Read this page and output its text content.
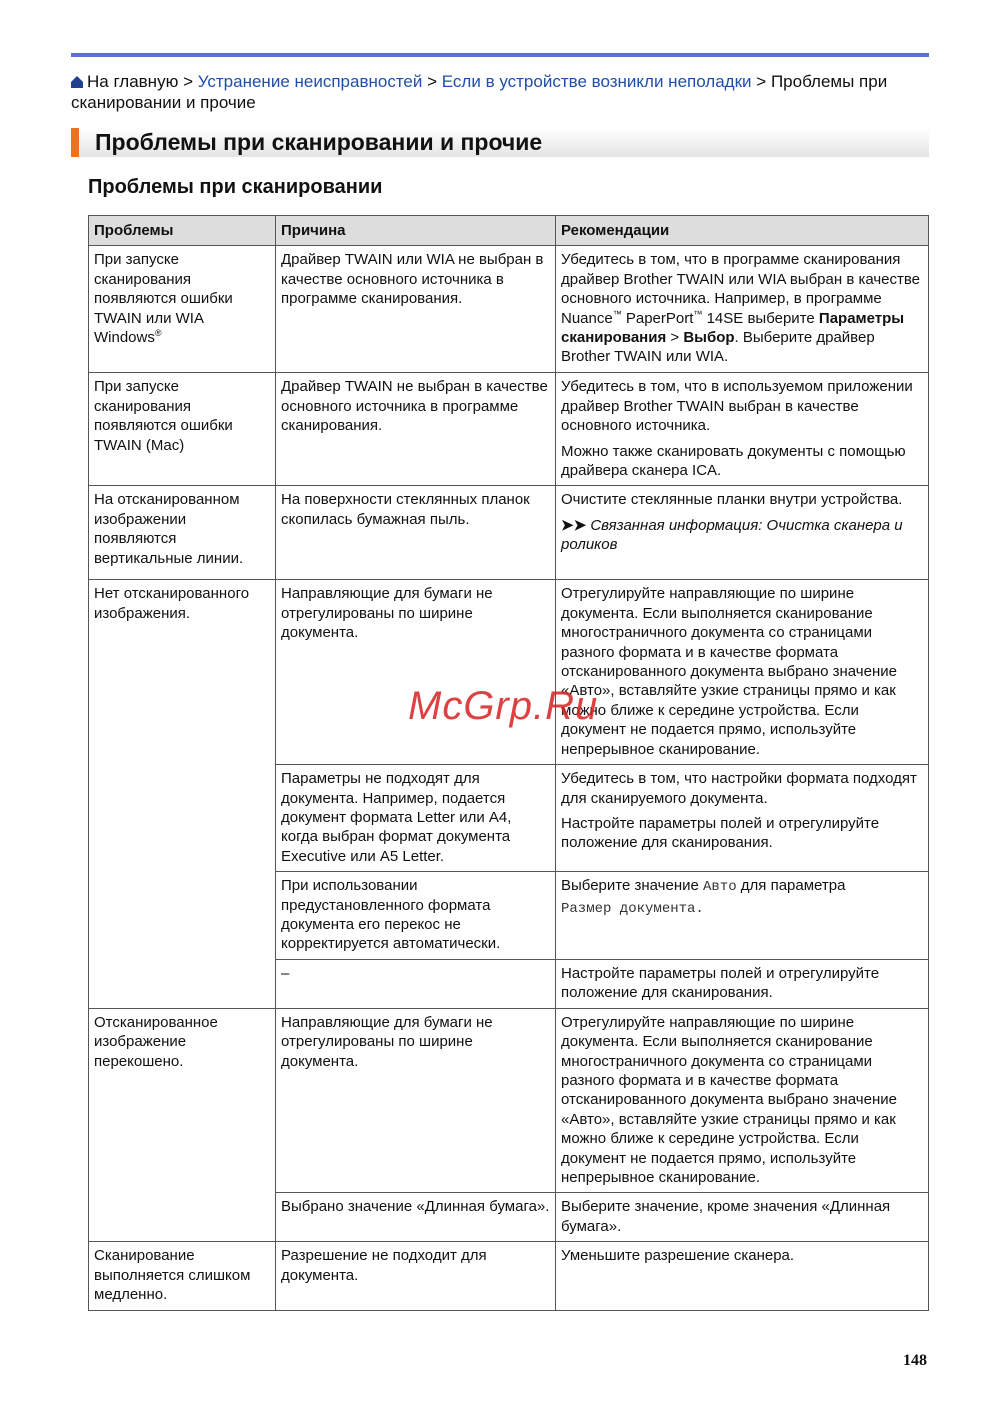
На главную > Устранение неисправностей > Если в устройстве возникли неполадки > Проблемы при сканировании и прочие
Проблемы при сканировании и прочие
Проблемы при сканировании
Проблемы	Причина	Рекомендации
При запуске сканирования появляются ошибки TWAIN или WIA Windows®	Драйвер TWAIN или WIA не выбран в качестве основного источника в программе сканирования.	Убедитесь в том, что в программе сканирования драйвер Brother TWAIN или WIA выбран в качестве основного источника. Например, в программе Nuance™ PaperPort™ 14SE выберите Параметры сканирования > Выбор. Выберите драйвер Brother TWAIN или WIA.
При запуске сканирования появляются ошибки TWAIN (Mac)	Драйвер TWAIN не выбран в качестве основного источника в программе сканирования.	Убедитесь в том, что в используемом приложении драйвер Brother TWAIN выбран в качестве основного источника.

Можно также сканировать документы с помощью драйвера сканера ICA.

На отсканированном изображении появляются вертикальные линии.	На поверхности стеклянных планок скопилась бумажная пыль.	Очистите стеклянные планки внутри устройства.

➤➤ Связанная информация: Очистка сканера и роликов

Нет отсканированного изображения.	Направляющие для бумаги не отрегулированы по ширине документа.	Отрегулируйте направляющие по ширине документа. Если выполняется сканирование многостраничного документа со страницами разного формата и в качестве формата отсканированного документа выбрано значение «Авто», вставляйте узкие страницы прямо и как можно ближе к середине устройства. Если документ не подается прямо, используйте непрерывное сканирование.
	Параметры не подходят для документа. Например, подается документ формата Letter или A4, когда выбран формат документа Executive или A5 Letter.	Убедитесь в том, что настройки формата подходят для сканируемого документа.

Настройте параметры полей и отрегулируйте положение для сканирования.

	При использовании предустановленного формата документа его перекос не корректируется автоматически.	Выберите значение Авто для параметра
Размер документа.
	–	Настройте параметры полей и отрегулируйте положение для сканирования.
Отсканированное изображение перекошено.	Направляющие для бумаги не отрегулированы по ширине документа.	Отрегулируйте направляющие по ширине документа. Если выполняется сканирование многостраничного документа со страницами разного формата и в качестве формата отсканированного документа выбрано значение «Авто», вставляйте узкие страницы прямо и как можно ближе к середине устройства. Если документ не подается прямо, используйте непрерывное сканирование.
	Выбрано значение «Длинная бумага».	Выберите значение, кроме значения «Длинная бумага».
Сканирование выполняется слишком медленно.	Разрешение не подходит для документа.	Уменьшите разрешение сканера.
McGrp.Ru
148
